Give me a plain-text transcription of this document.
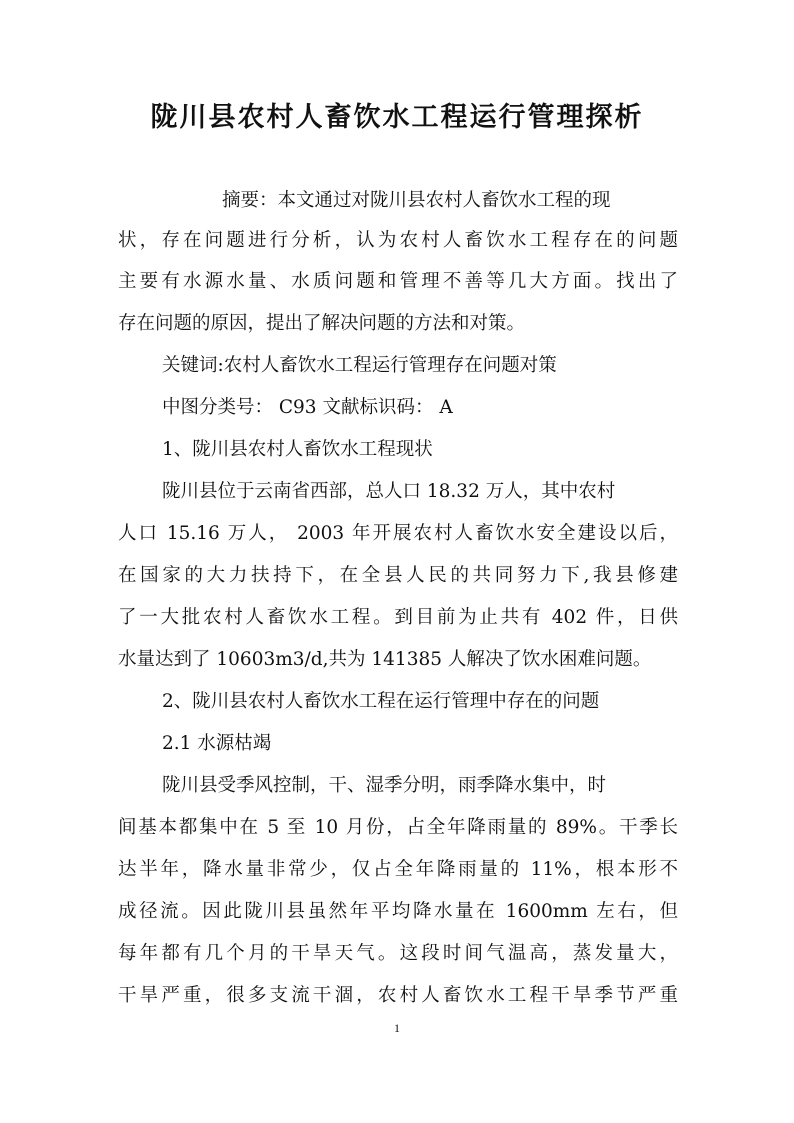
陇川县农村人畜饮水工程运行管理探析
摘要：本文通过对陇川县农村人畜饮水工程的现
状，存在问题进行分析，认为农村人畜饮水工程存在的问题
主要有水源水量、水质问题和管理不善等几大方面。找出了
存在问题的原因，提出了解决问题的方法和对策。
关键词:农村人畜饮水工程运行管理存在问题对策
中图分类号： C93 文献标识码： A
1、陇川县农村人畜饮水工程现状
陇川县位于云南省西部，总人口 18.32 万人，其中农村
人口 15.16 万人， 2003 年开展农村人畜饮水安全建设以后，
在国家的大力扶持下，在全县人民的共同努力下,我县修建
了一大批农村人畜饮水工程。到目前为止共有 402 件，日供
水量达到了 10603m3/d,共为 141385 人解决了饮水困难问题。
2、陇川县农村人畜饮水工程在运行管理中存在的问题
2.1 水源枯竭
陇川县受季风控制，干、湿季分明，雨季降水集中，时
间基本都集中在 5 至 10 月份，占全年降雨量的 89%。干季长
达半年，降水量非常少，仅占全年降雨量的 11%，根本形不
成径流。因此陇川县虽然年平均降水量在 1600mm 左右，但
每年都有几个月的干旱天气。这段时间气温高，蒸发量大，
干旱严重，很多支流干涸，农村人畜饮水工程干旱季节严重
1
